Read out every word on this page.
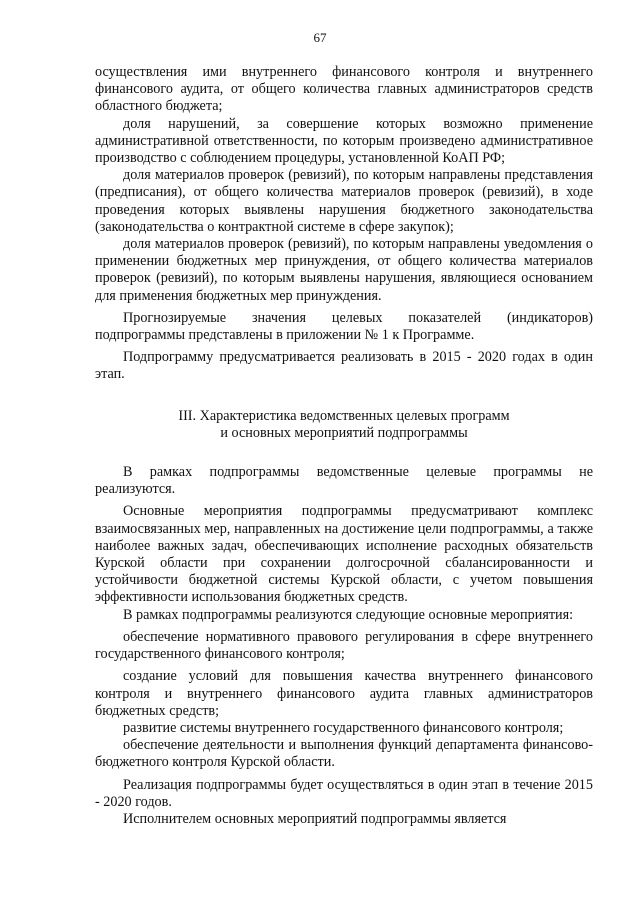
67

осуществления ими внутреннего финансового контроля и внутреннего финансового аудита, от общего количества главных администраторов средств областного бюджета;

доля нарушений, за совершение которых возможно применение административной ответственности, по которым произведено административное производство с соблюдением процедуры, установленной КоАП РФ;

доля материалов проверок (ревизий), по которым направлены представления (предписания), от общего количества материалов проверок (ревизий), в ходе проведения которых выявлены нарушения бюджетного законодательства (законодательства о контрактной системе в сфере закупок);

доля материалов проверок (ревизий), по которым направлены уведомления о применении бюджетных мер принуждения, от общего количества материалов проверок (ревизий), по которым выявлены нарушения, являющиеся основанием для применения бюджетных мер принуждения.

Прогнозируемые значения целевых показателей (индикаторов) подпрограммы представлены в приложении № 1 к Программе.

Подпрограмму предусматривается реализовать в 2015 - 2020 годах в один этап.

III. Характеристика ведомственных целевых программ
и основных мероприятий подпрограммы

В рамках подпрограммы ведомственные целевые программы не реализуются.

Основные мероприятия подпрограммы предусматривают комплекс взаимосвязанных мер, направленных на достижение цели подпрограммы, а также наиболее важных задач, обеспечивающих исполнение расходных обязательств Курской области при сохранении долгосрочной сбалансированности и устойчивости бюджетной системы Курской области, с учетом повышения эффективности использования бюджетных средств.

В рамках подпрограммы реализуются следующие основные мероприятия:

обеспечение нормативного правового регулирования в сфере внутреннего государственного финансового контроля;

создание условий для повышения качества внутреннего финансового контроля и внутреннего финансового аудита главных администраторов бюджетных средств;

развитие системы внутреннего государственного финансового контроля;

обеспечение деятельности и выполнения функций департамента финансово-бюджетного контроля Курской области.

Реализация подпрограммы будет осуществляться в один этап в течение 2015 - 2020 годов.

Исполнителем основных мероприятий подпрограммы является
